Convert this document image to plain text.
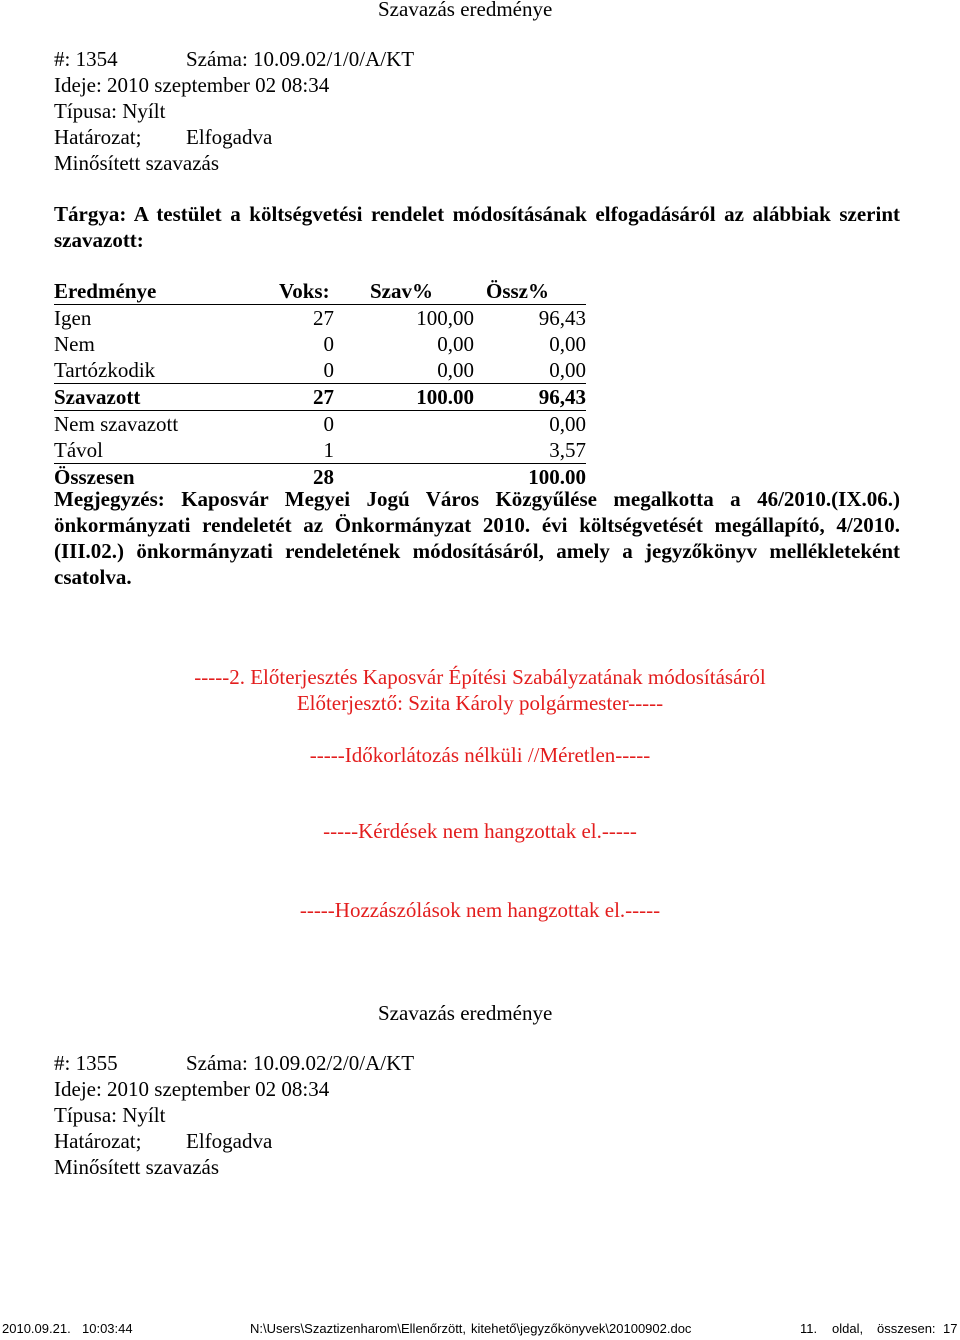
Szavazás eredménye
#: 1354	Száma: 10.09.02/1/0/A/KT
Ideje: 2010 szeptember 02 08:34
Típusa: Nyílt
Határozat; Elfogadva
Minősített szavazás
Tárgya: A testület a költségvetési rendelet módosításának elfogadásáról az alábbiak szerint szavazott:
Eredménye	Voks:	Szav%	Össz%
Igen	27	100,00	96,43
Nem	0	0,00	0,00
Tartózkodik	0	0,00	0,00
Szavazott	27	100.00	96,43
Nem szavazott	0		0,00
Távol	1		3,57
Összesen	28		100.00
Megjegyzés: Kaposvár Megyei Jogú Város Közgyűlése megalkotta a 46/2010.(IX.06.) önkormányzati rendeletét az Önkormányzat 2010. évi költségvetését megállapító, 4/2010.(III.02.) önkormányzati rendeletének módosításáról, amely a jegyzőkönyv mellékleteként csatolva.
-----2. Előterjesztés Kaposvár Építési Szabályzatának módosításáról
Előterjesztő: Szita Károly polgármester-----
-----Időkorlátozás nélküli //Méretlen-----
-----Kérdések nem hangzottak el.-----
-----Hozzászólások nem hangzottak el.-----
Szavazás eredménye
#: 1355	Száma: 10.09.02/2/0/A/KT
Ideje: 2010 szeptember 02 08:34
Típusa: Nyílt
Határozat; Elfogadva
Minősített szavazás
2010.09.21. 10:03:44	N:\Users\Szaztizenharom\Ellenőrzött, kitehető\jegyzőkönyvek\20100902.doc	11. oldal, összesen: 17
